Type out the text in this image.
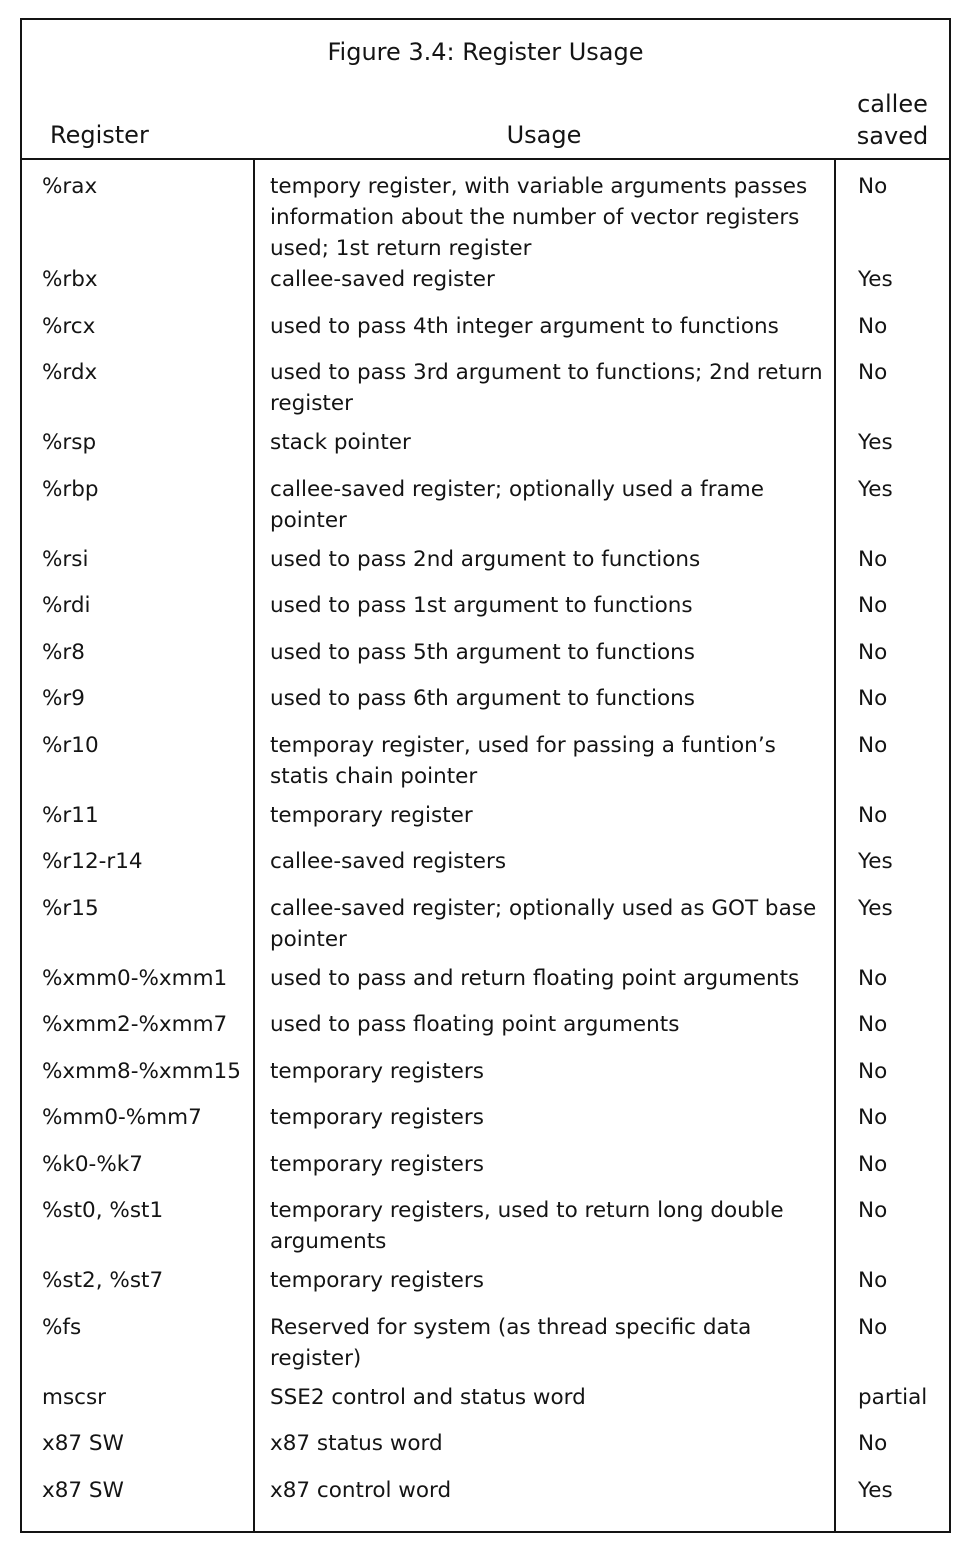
Figure 3.4: Register Usage
Register	Usage
callee
saved
%rax	tempory register, with variable arguments passes information about the number of vector registers used; 1st return register
No
%rbx	callee-saved register	Yes
%rcx	used to pass 4th integer argument to functions	No
%rdx	used to pass 3rd argument to functions; 2nd return register
No
%rsp	stack pointer	Yes
%rbp	callee-saved register; optionally used a frame pointer
Yes
%rsi	used to pass 2nd argument to functions	No
%rdi	used to pass 1st argument to functions	No
%r8	used to pass 5th argument to functions	No
%r9	used to pass 6th argument to functions	No
%r10	temporay register, used for passing a funtion’s statis chain pointer
No
%r11	temporary register	No
%r12-r14	callee-saved registers	Yes
%r15	callee-saved register; optionally used as GOT base pointer
Yes
%xmm0-%xmm1 used to pass and return floating point arguments	No
%xmm2-%xmm7 used to pass floating point arguments	No
%xmm8-%xmm15 temporary registers	No
%mm0-%mm7	temporary registers	No
%k0-%k7	temporary registers	No
%st0, %st1	temporary registers, used to return long double arguments
No
%st2, %st7	temporary registers	No
%fs	Reserved for system (as thread specific data register)
No
mscsr	SSE2 control and status word	partial
x87 SW	x87 status word	No
x87 SW	x87 control word	Yes
